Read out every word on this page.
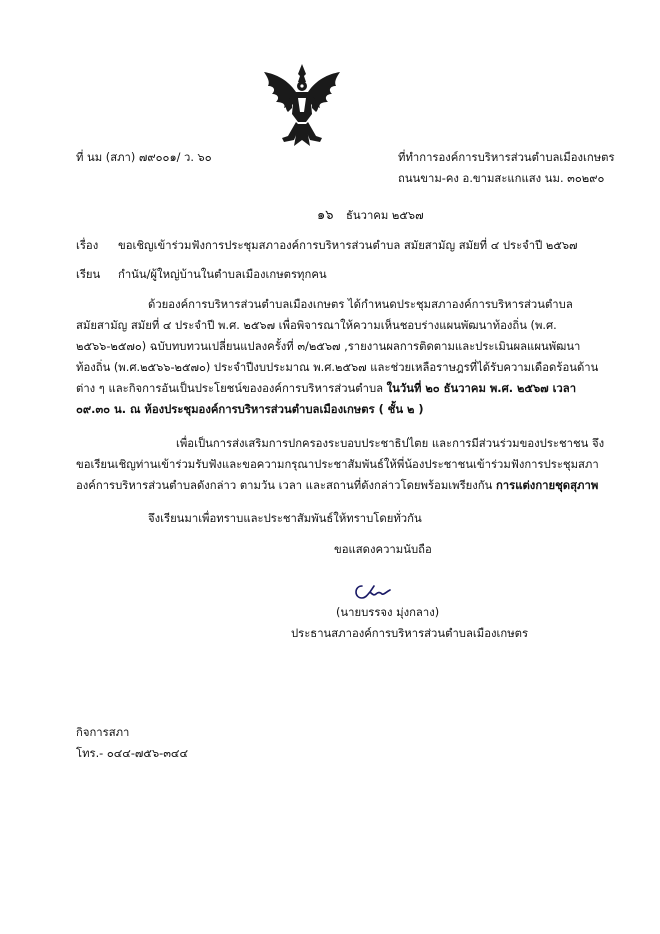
ที่ นม (สภา) ๗๙๐๐๑/ ว. ๖๐	ที่ทำการองค์การบริหารส่วนตำบลเมืองเกษตร
ถนนขาม-คง อ.ขามสะแกแสง นม. ๓๐๒๙๐
๑๖ ธันวาคม ๒๕๖๗
เรื่อง ขอเชิญเข้าร่วมฟังการประชุมสภาองค์การบริหารส่วนตำบล สมัยสามัญ สมัยที่ ๔ ประจำปี ๒๕๖๗
เรียน กำนัน/ผู้ใหญ่บ้านในตำบลเมืองเกษตรทุกคน
ด้วยองค์การบริหารส่วนตำบลเมืองเกษตร ได้กำหนดประชุมสภาองค์การบริหารส่วนตำบล
สมัยสามัญ สมัยที่ ๔ ประจำปี พ.ศ. ๒๕๖๗ เพื่อพิจารณาให้ความเห็นชอบร่างแผนพัฒนาท้องถิ่น (พ.ศ.
๒๕๖๖-๒๕๗๐) ฉบับทบทวนเปลี่ยนแปลงครั้งที่ ๓/๒๕๖๗ ,รายงานผลการติดตามและประเมินผลแผนพัฒนา
ท้องถิ่น (พ.ศ.๒๕๖๖-๒๕๗๐) ประจำปีงบประมาณ พ.ศ.๒๕๖๗ และช่วยเหลือราษฎรที่ได้รับความเดือดร้อนด้าน
ต่าง ๆ และกิจการอันเป็นประโยชน์ขององค์การบริหารส่วนตำบล ในวันที่ ๒๐ ธันวาคม พ.ศ. ๒๕๖๗ เวลา
๐๙.๓๐ น. ณ ห้องประชุมองค์การบริหารส่วนตำบลเมืองเกษตร ( ชั้น ๒ )
เพื่อเป็นการส่งเสริมการปกครองระบอบประชาธิปไตย และการมีส่วนร่วมของประชาชน จึง
ขอเรียนเชิญท่านเข้าร่วมรับฟังและขอความกรุณาประชาสัมพันธ์ให้พี่น้องประชาชนเข้าร่วมฟังการประชุมสภา
องค์การบริหารส่วนตำบลดังกล่าว ตามวัน เวลา และสถานที่ดังกล่าวโดยพร้อมเพรียงกัน การแต่งกายชุดสุภาพ
จึงเรียนมาเพื่อทราบและประชาสัมพันธ์ให้ทราบโดยทั่วกัน
ขอแสดงความนับถือ
(นายบรรจง มุ่งกลาง)
ประธานสภาองค์การบริหารส่วนตำบลเมืองเกษตร
กิจการสภา
โทร.- ๐๔๔-๗๕๖-๓๔๔
